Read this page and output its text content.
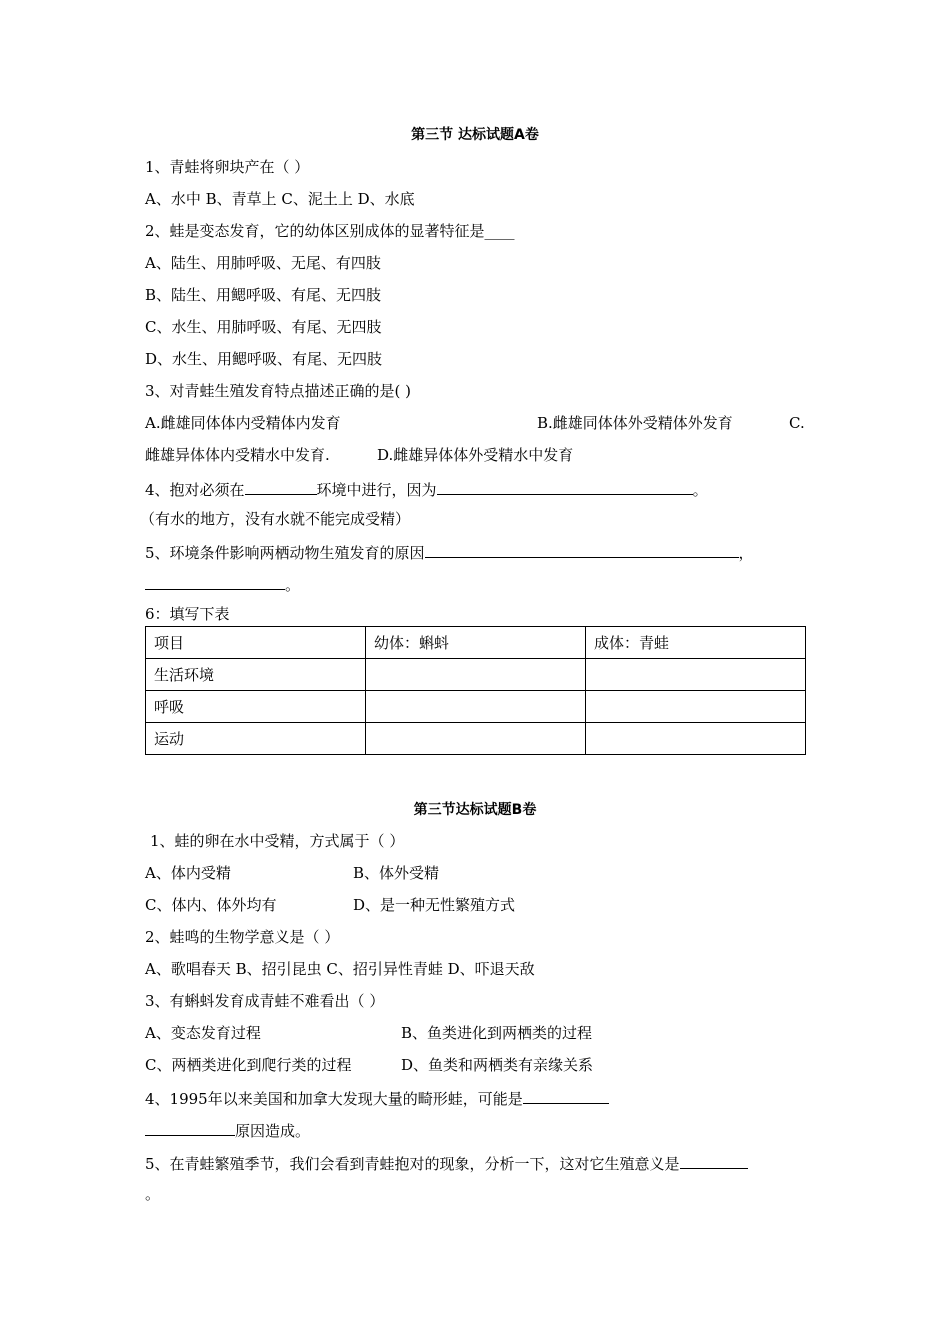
第三节 达标试题A卷
1、青蛙将卵块产在（ ）
A、水中 B、青草上 C、泥土上 D、水底
2、蛙是变态发育，它的幼体区别成体的显著特征是____
A、陆生、用肺呼吸、无尾、有四肢
B、陆生、用鳃呼吸、有尾、无四肢
C、水生、用肺呼吸、有尾、无四肢
D、水生、用鳃呼吸、有尾、无四肢
3、对青蛙生殖发育特点描述正确的是( )
A.雌雄同体体内受精体内发育	B.雌雄同体体外受精体外发育	C.
雌雄异体体内受精水中发育.	D.雌雄异体体外受精水中发育
4、抱对必须在	环境中进行，因为	。
（有水的地方，没有水就不能完成受精）
5、环境条件影响两栖动物生殖发育的原因	，
。
6：填写下表
项目	幼体：蝌蚪	成体：青蛙
生活环境		
呼吸		
运动		
第三节达标试题B卷
1、蛙的卵在水中受精，方式属于（ ）
A、体内受精	B、体外受精
C、体内、体外均有	D、是一种无性繁殖方式
2、蛙鸣的生物学意义是（ ）
A、歌唱春天 B、招引昆虫 C、招引异性青蛙 D、吓退天敌
3、有蝌蚪发育成青蛙不难看出（ ）
A、变态发育过程	B、鱼类进化到两栖类的过程
C、两栖类进化到爬行类的过程	D、鱼类和两栖类有亲缘关系
4、1995年以来美国和加拿大发现大量的畸形蛙，可能是
原因造成。
5、在青蛙繁殖季节，我们会看到青蛙抱对的现象，分析一下，这对它生殖意义是
。
